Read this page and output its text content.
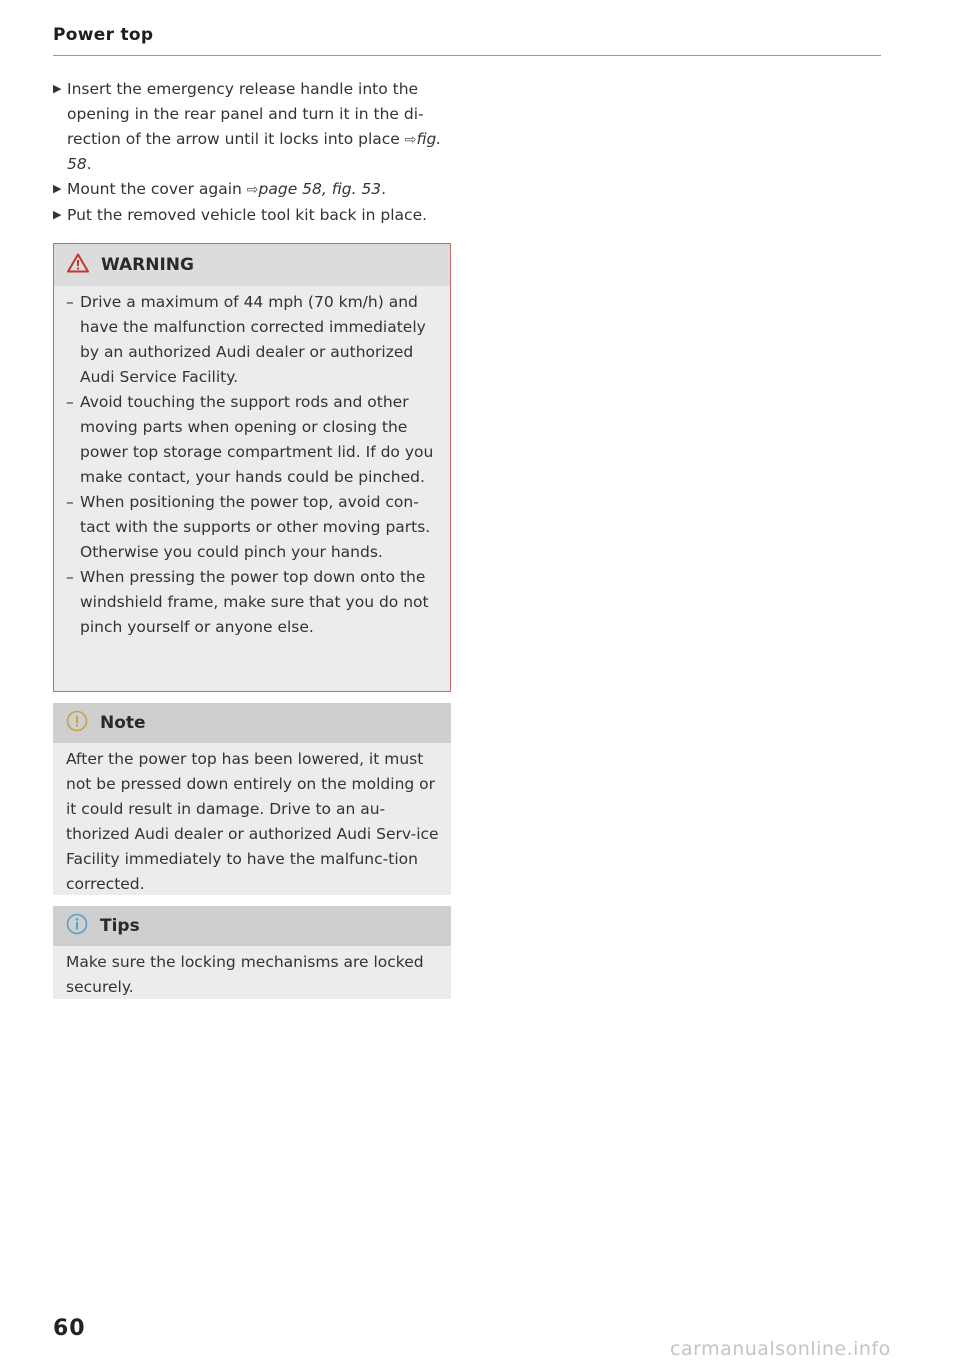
Power top
▶ Insert the emergency release handle into the opening in the rear panel and turn it in the di-rection of the arrow until it locks into place ⇨fig. 58.
▶ Mount the cover again ⇨page 58, fig. 53.
▶ Put the removed vehicle tool kit back in place.
WARNING
– Drive a maximum of 44 mph (70 km/h) and have the malfunction corrected immediately by an authorized Audi dealer or authorized Audi Service Facility.
– Avoid touching the support rods and other moving parts when opening or closing the power top storage compartment lid. If do you make contact, your hands could be pinched.
– When positioning the power top, avoid con-tact with the supports or other moving parts. Otherwise you could pinch your hands.
– When pressing the power top down onto the windshield frame, make sure that you do not pinch yourself or anyone else.
Note
After the power top has been lowered, it must not be pressed down entirely on the molding or it could result in damage. Drive to an au-thorized Audi dealer or authorized Audi Serv-ice Facility immediately to have the malfunc-tion corrected.
Tips
Make sure the locking mechanisms are locked securely.
60
carmanualsonline.info
